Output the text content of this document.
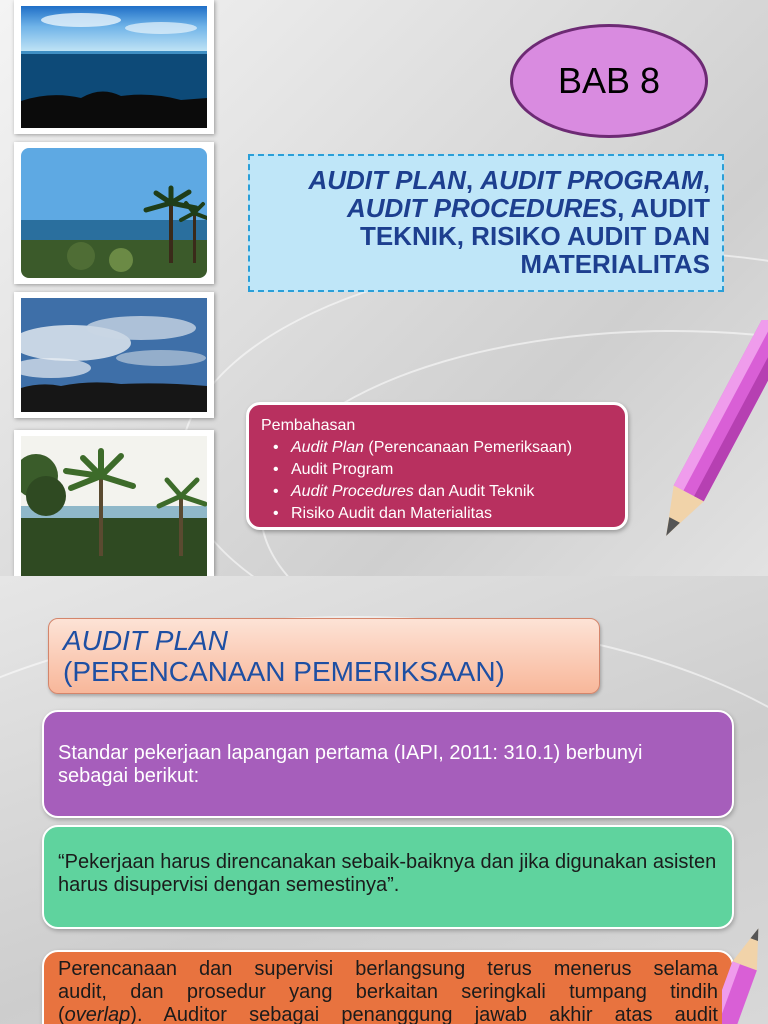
BAB 8
AUDIT PLAN, AUDIT PROGRAM,
AUDIT PROCEDURES, AUDIT
TEKNIK, RISIKO AUDIT DAN
MATERIALITAS
Pembahasan
• Audit Plan (Perencanaan Pemeriksaan)
• Audit Program
• Audit Procedures dan Audit Teknik
• Risiko Audit dan Materialitas
AUDIT PLAN
(PERENCANAAN PEMERIKSAAN)
Standar pekerjaan lapangan pertama (IAPI, 2011: 310.1) berbunyi sebagai berikut:
“Pekerjaan harus direncanakan sebaik-baiknya dan jika digunakan asisten harus disupervisi dengan semestinya”.
Perencanaan dan supervisi berlangsung terus menerus selama
audit, dan prosedur yang berkaitan seringkali tumpang tindih
(overlap). Auditor sebagai penanggung jawab akhir atas audit
